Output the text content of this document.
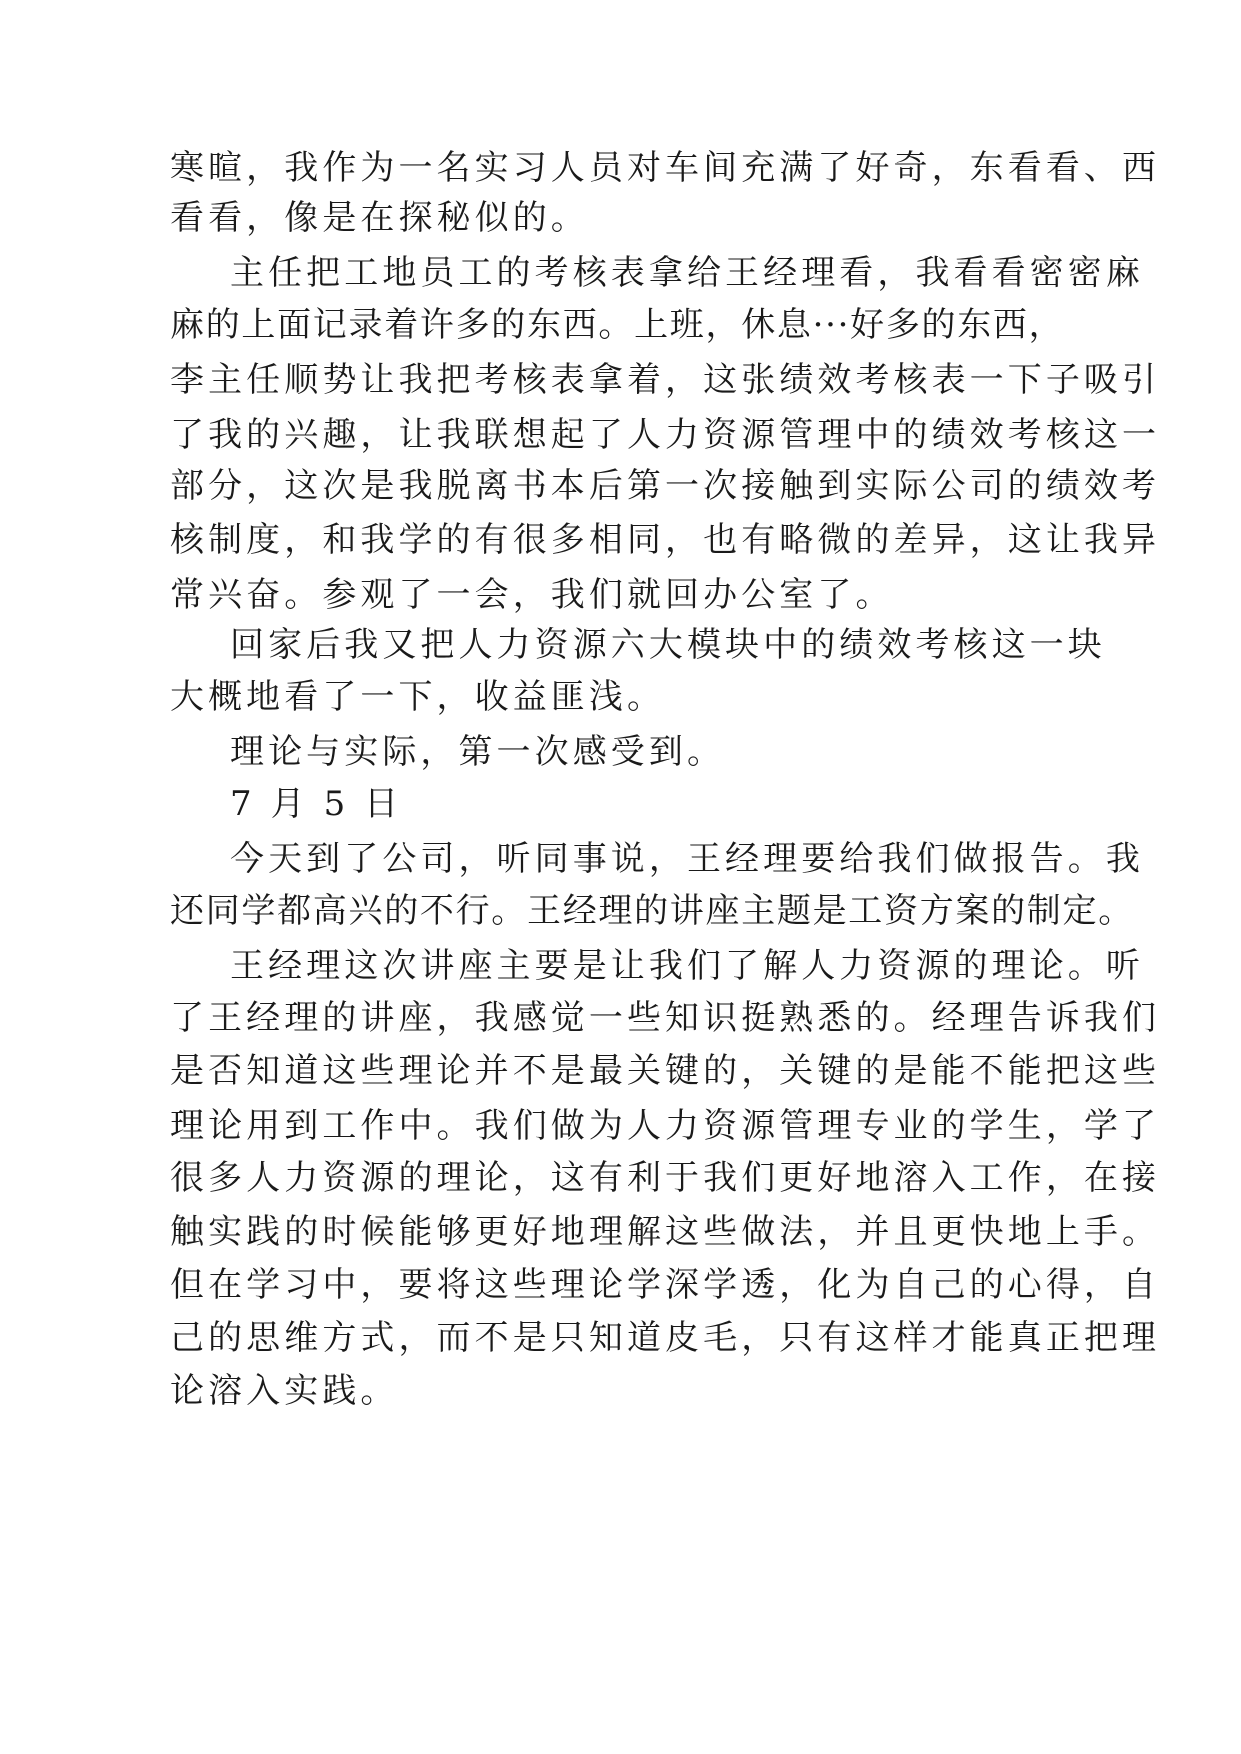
寒暄，我作为一名实习人员对车间充满了好奇，东看看、西
看看，像是在探秘似的。
主任把工地员工的考核表拿给王经理看，我看看密密麻
麻的上面记录着许多的东西。上班，休息···好多的东西，
李主任顺势让我把考核表拿着，这张绩效考核表一下子吸引
了我的兴趣，让我联想起了人力资源管理中的绩效考核这一
部分，这次是我脱离书本后第一次接触到实际公司的绩效考
核制度，和我学的有很多相同，也有略微的差异，这让我异
常兴奋。参观了一会，我们就回办公室了。
回家后我又把人力资源六大模块中的绩效考核这一块
大概地看了一下，收益匪浅。
理论与实际，第一次感受到。
7 月 5 日
今天到了公司，听同事说，王经理要给我们做报告。我
还同学都高兴的不行。王经理的讲座主题是工资方案的制定。
王经理这次讲座主要是让我们了解人力资源的理论。听
了王经理的讲座，我感觉一些知识挺熟悉的。经理告诉我们
是否知道这些理论并不是最关键的，关键的是能不能把这些
理论用到工作中。我们做为人力资源管理专业的学生，学了
很多人力资源的理论，这有利于我们更好地溶入工作，在接
触实践的时候能够更好地理解这些做法，并且更快地上手。
但在学习中，要将这些理论学深学透，化为自己的心得，自
己的思维方式，而不是只知道皮毛，只有这样才能真正把理
论溶入实践。
